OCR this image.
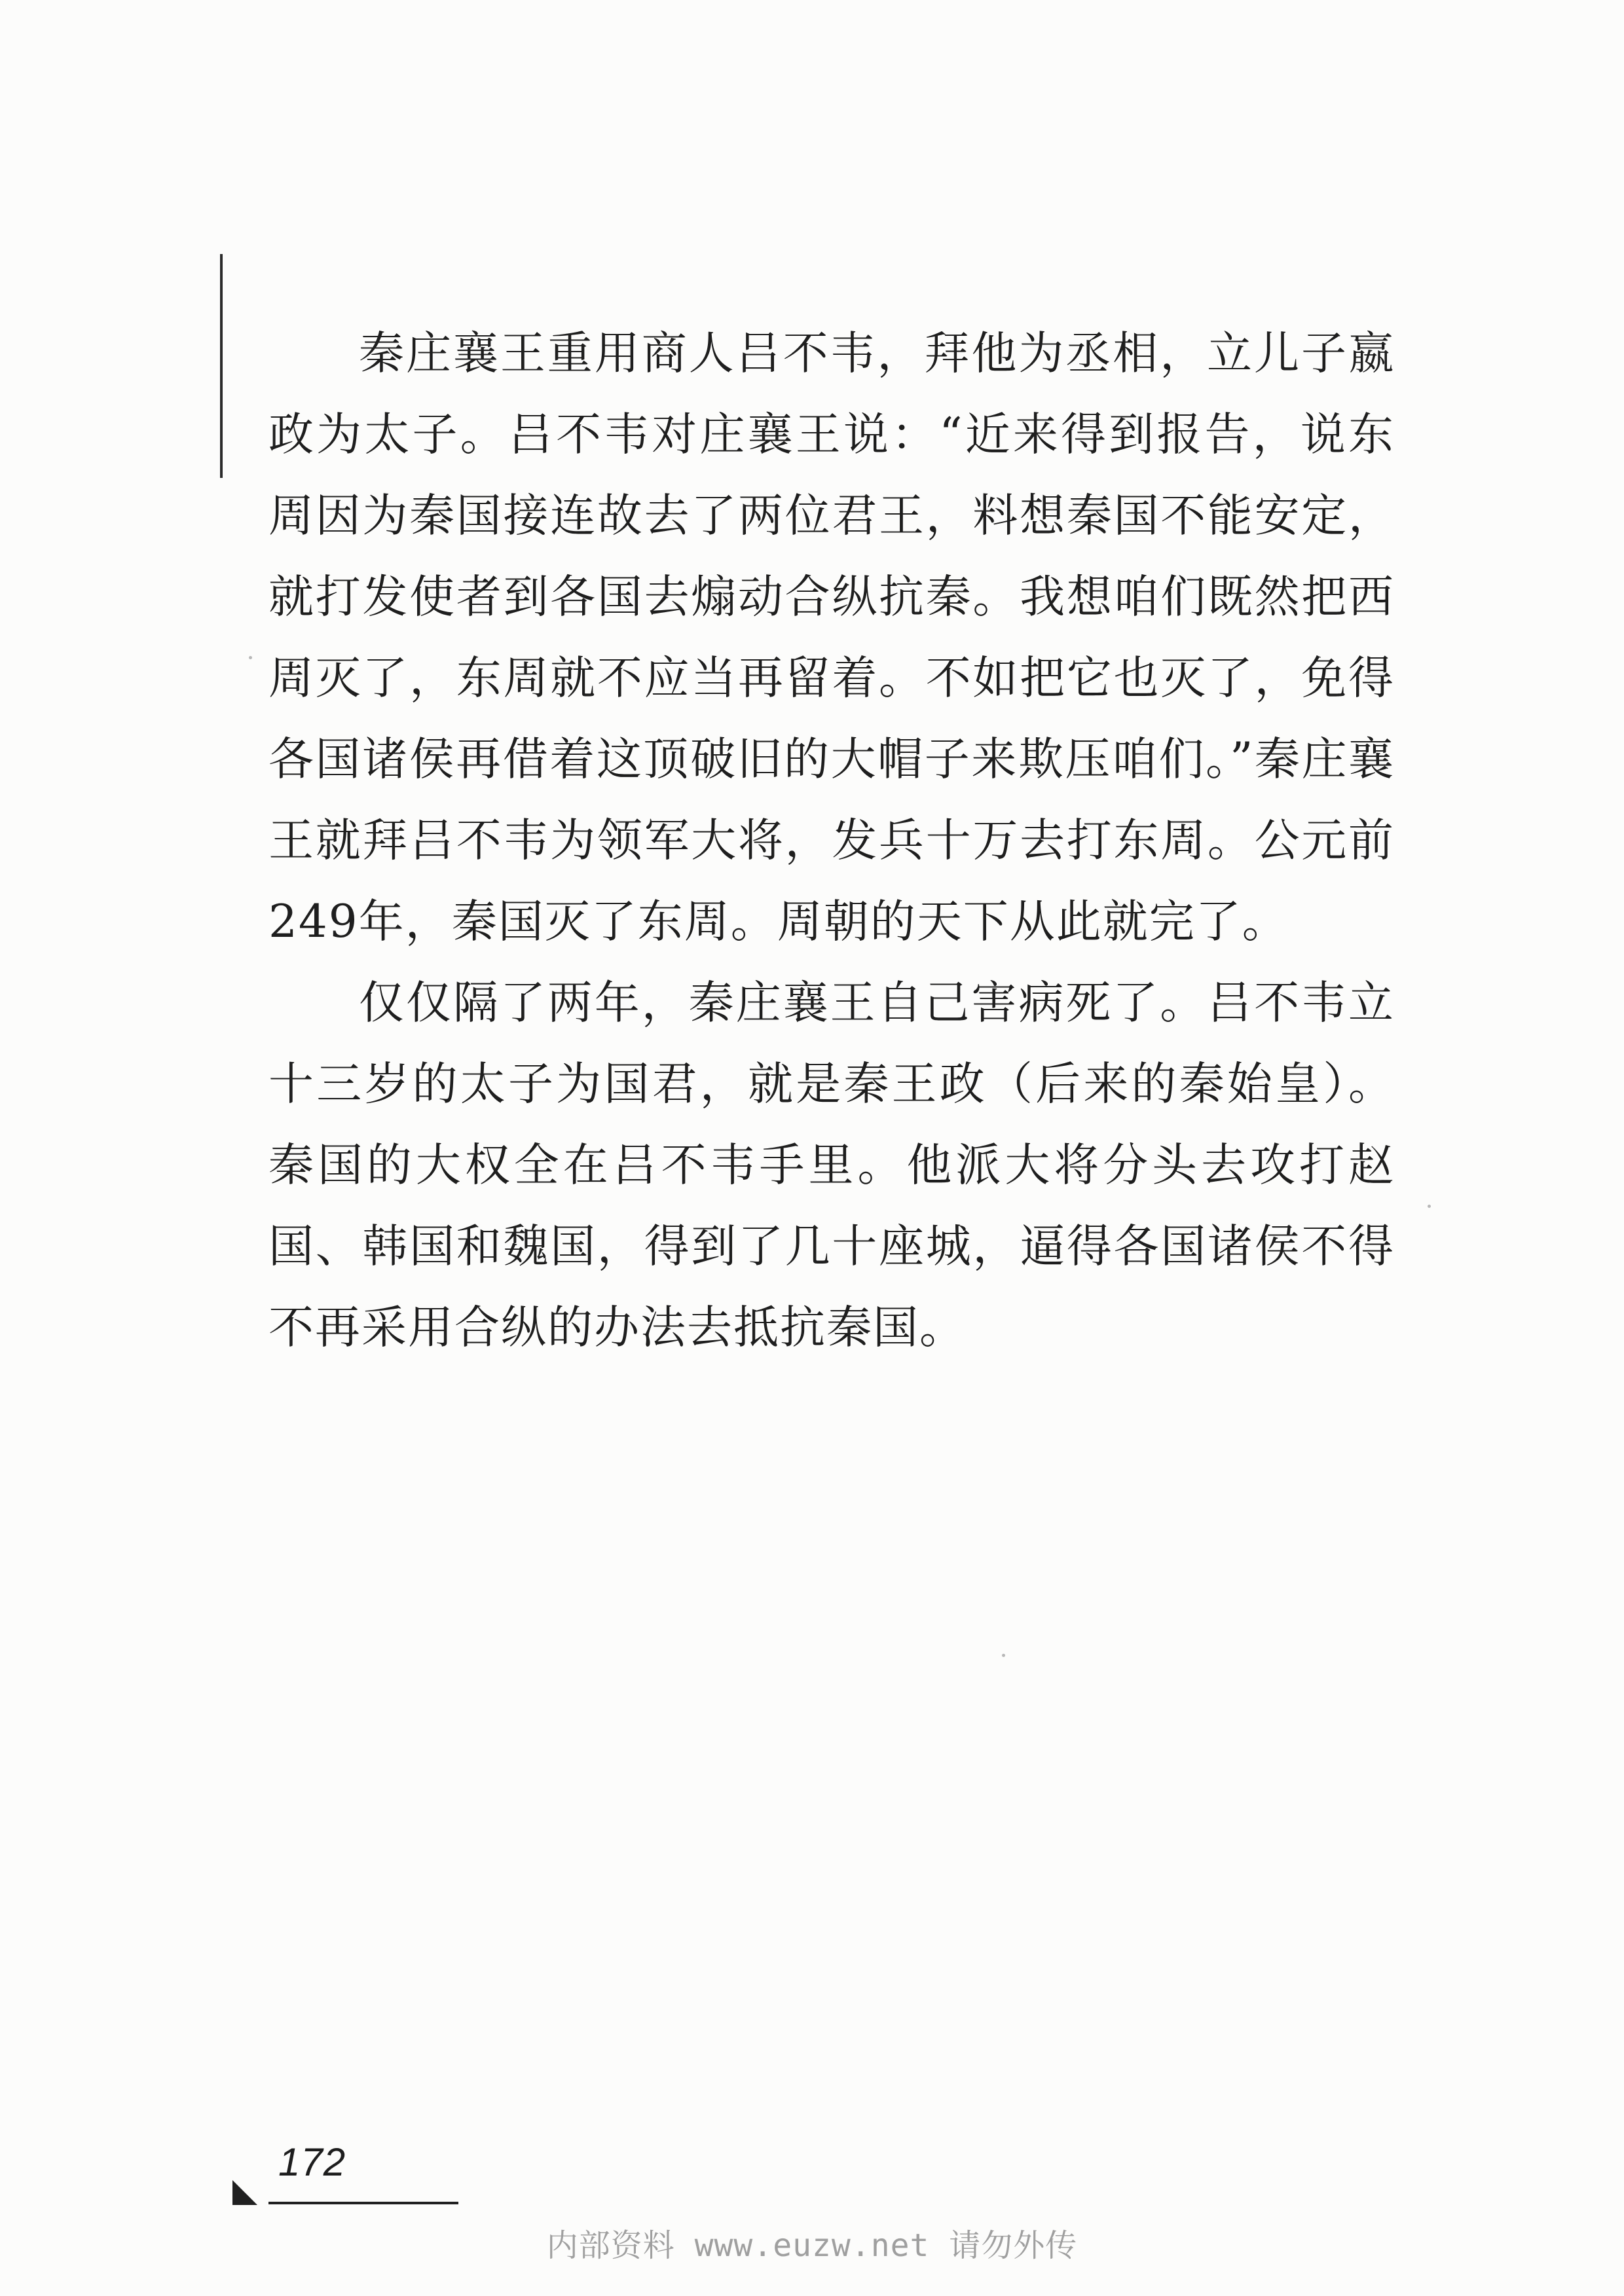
秦庄襄王重用商人吕不韦，拜他为丞相，立儿子嬴政为太子。吕不韦对庄襄王说：“近来得到报告，说东周因为秦国接连故去了两位君王，料想秦国不能安定，就打发使者到各国去煽动合纵抗秦。我想咱们既然把西周灭了，东周就不应当再留着。不如把它也灭了，免得各国诸侯再借着这顶破旧的大帽子来欺压咱们。”秦庄襄王就拜吕不韦为领军大将，发兵十万去打东周。公元前249年，秦国灭了东周。周朝的天下从此就完了。

仅仅隔了两年，秦庄襄王自己害病死了。吕不韦立十三岁的太子为国君，就是秦王政（后来的秦始皇）。秦国的大权全在吕不韦手里。他派大将分头去攻打赵国、韩国和魏国，得到了几十座城，逼得各国诸侯不得不再采用合纵的办法去抵抗秦国。

172
内部资料 www.euzw.net 请勿外传
